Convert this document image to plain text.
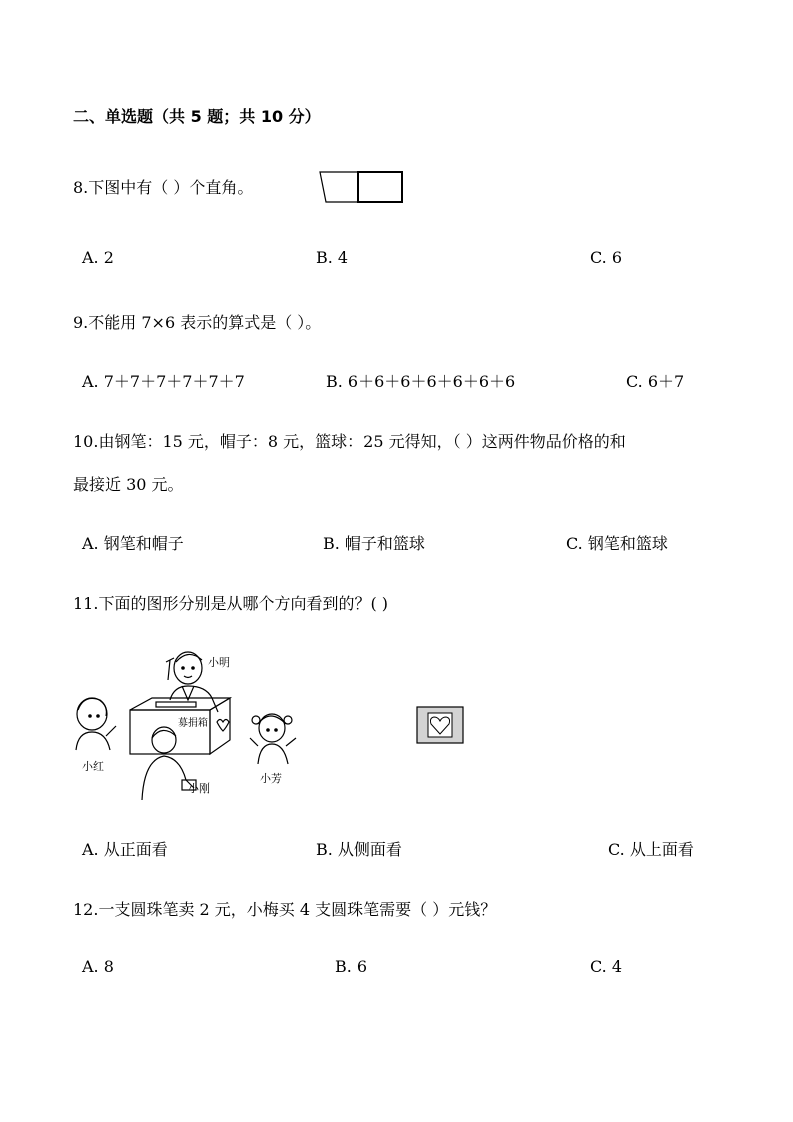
二、单选题（共 5 题；共 10 分）
8.下图中有（ ）个直角。
A. 2	B. 4	C. 6
9.不能用 7×6 表示的算式是（ ）。
A. 7＋7＋7＋7＋7＋7	B. 6＋6＋6＋6＋6＋6＋6	C. 6＋7
10.由钢笔：15 元，帽子：8 元，篮球：25 元得知，（ ）这两件物品价格的和
最接近 30 元。
A. 钢笔和帽子	B. 帽子和篮球	C. 钢笔和篮球
11.下面的图形分别是从哪个方向看到的？( )
小明
募捐箱
小红
小刚
小芳
A. 从正面看	B. 从侧面看	C. 从上面看
12.一支圆珠笔卖 2 元，小梅买 4 支圆珠笔需要（ ）元钱？
A. 8	B. 6	C. 4
